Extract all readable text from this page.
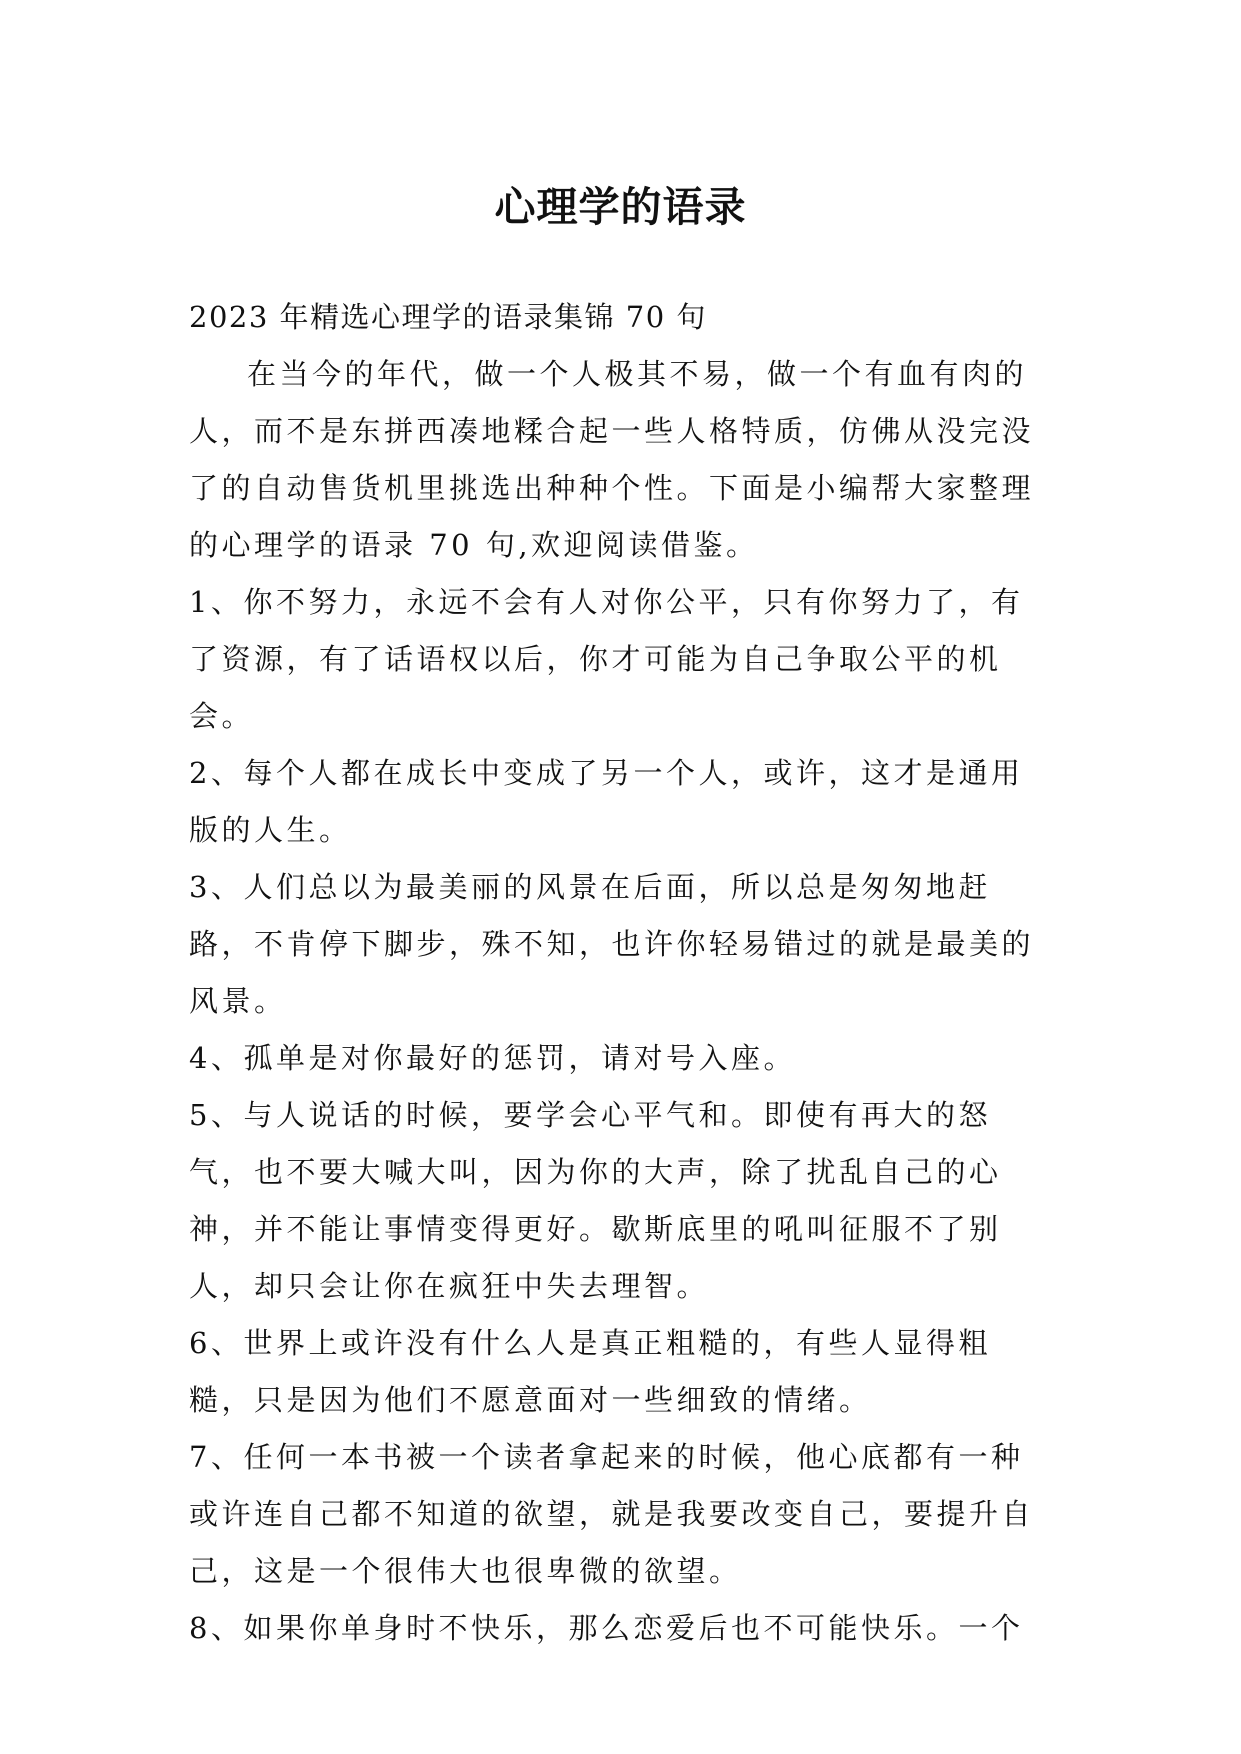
心理学的语录

2023 年精选心理学的语录集锦 70 句

在当今的年代，做一个人极其不易，做一个有血有肉的人，而不是东拼西凑地糅合起一些人格特质，仿佛从没完没了的自动售货机里挑选出种种个性。下面是小编帮大家整理的心理学的语录 70 句,欢迎阅读借鉴。

1、你不努力，永远不会有人对你公平，只有你努力了，有了资源，有了话语权以后，你才可能为自己争取公平的机会。

2、每个人都在成长中变成了另一个人，或许，这才是通用版的人生。

3、人们总以为最美丽的风景在后面，所以总是匆匆地赶路，不肯停下脚步，殊不知，也许你轻易错过的就是最美的风景。

4、孤单是对你最好的惩罚，请对号入座。

5、与人说话的时候，要学会心平气和。即使有再大的怒气，也不要大喊大叫，因为你的大声，除了扰乱自己的心神，并不能让事情变得更好。歇斯底里的吼叫征服不了别人，却只会让你在疯狂中失去理智。

6、世界上或许没有什么人是真正粗糙的，有些人显得粗糙，只是因为他们不愿意面对一些细致的情绪。

7、任何一本书被一个读者拿起来的时候，他心底都有一种或许连自己都不知道的欲望，就是我要改变自己，要提升自己，这是一个很伟大也很卑微的欲望。

8、如果你单身时不快乐，那么恋爱后也不可能快乐。一个
